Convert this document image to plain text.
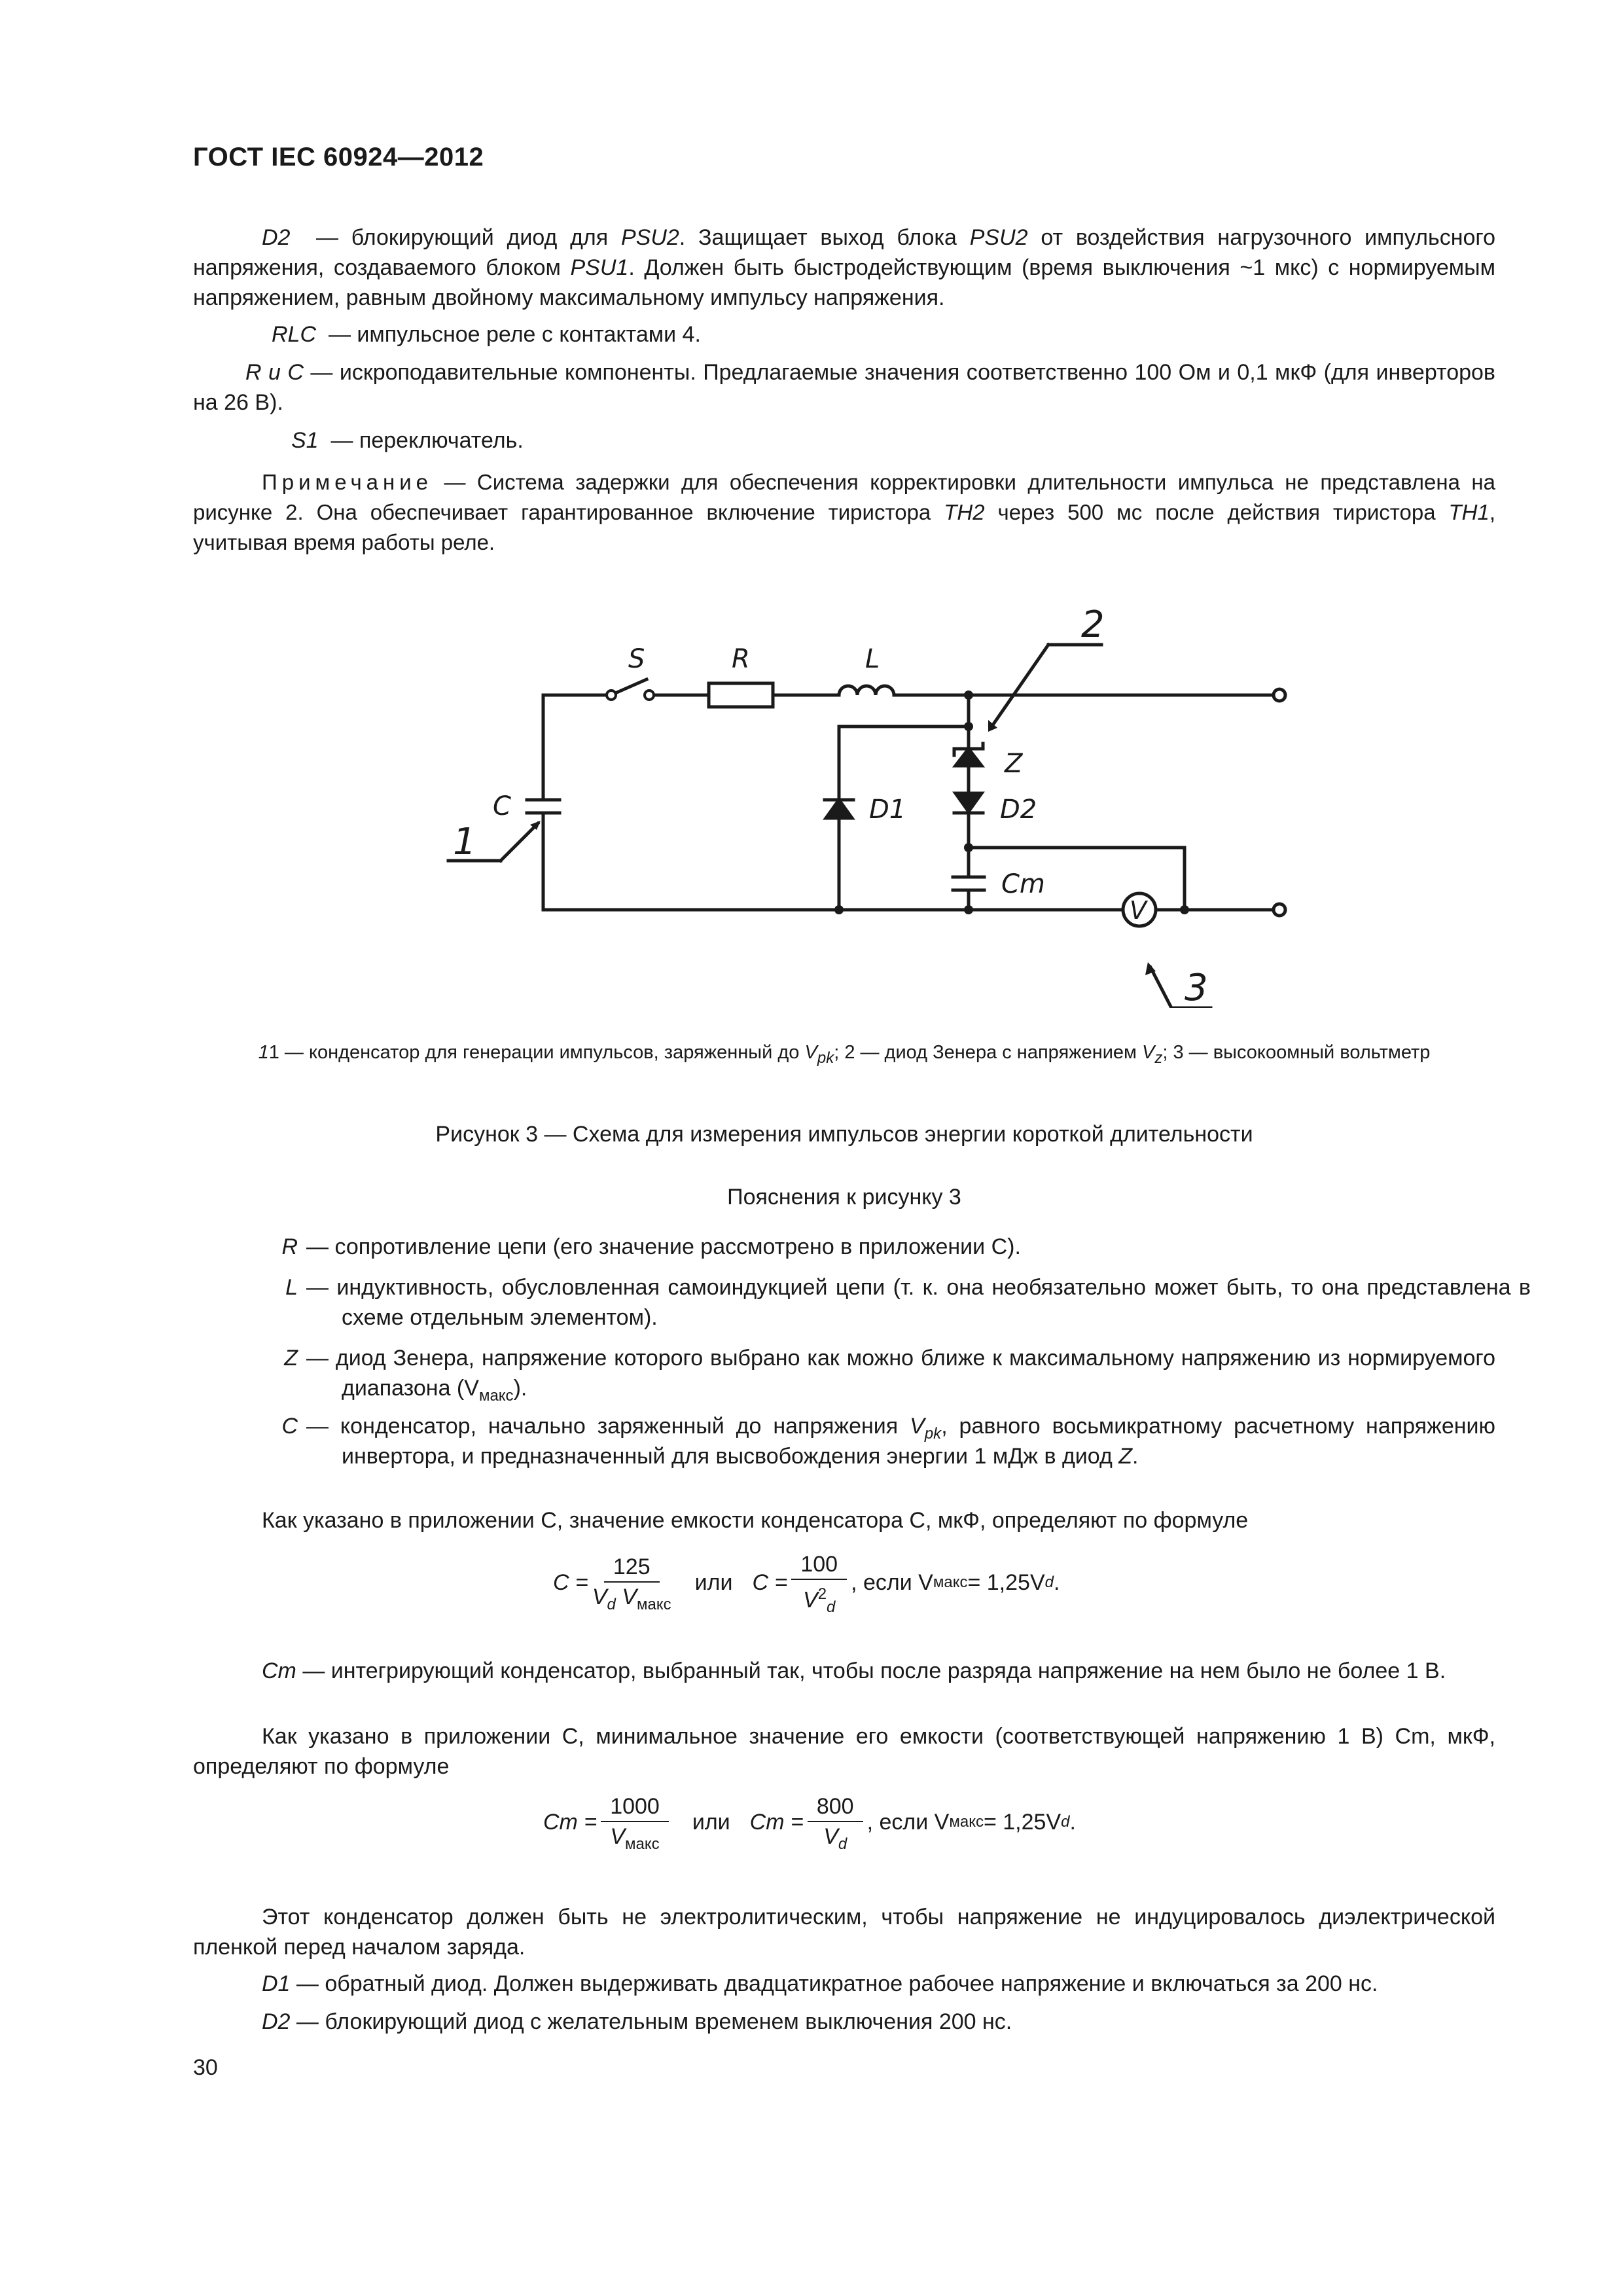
ГОСТ IEC 60924—2012
D2 — блокирующий диод для PSU2. Защищает выход блока PSU2 от воздействия нагрузочного импульсного напряжения, создаваемого блоком PSU1. Должен быть быстродействующим (время выключения ~1 мкс) с нормируемым напряжением, равным двойному максимальному импульсу напряжения.
RLC — импульсное реле с контактами 4.
R и C — искроподавительные компоненты. Предлагаемые значения соответственно 100 Ом и 0,1 мкФ (для инверторов на 26 В).
S1 — переключатель.
Примечание — Система задержки для обеспечения корректировки длительности импульса не представлена на рисунке 2. Она обеспечивает гарантированное включение тиристора TH2 через 500 мс после действия тиристора TH1, учитывая время работы реле.
S	R	L
C	D1
Z
D2
Cm
V
1
2
3
11 — конденсатор для генерации импульсов, заряженный до $V_{pk}$; 2 — диод Зенера с напряжением $V_z$; 3 — высокоомный вольтметр
Рисунок 3 — Схема для измерения импульсов энергии короткой длительности
Пояснения к рисунку 3
R — сопротивление цепи (его значение рассмотрено в приложении С).
L — индуктивность, обусловленная самоиндукцией цепи (т. к. она необязательно может быть, то она представлена в схеме отдельным элементом).
Z — диод Зенера, напряжение которого выбрано как можно ближе к максимальному напряжению из нормируемого диапазона $(V_{макс})$.
C — конденсатор, начально заряженный до напряжения $V_{pk}$, равного восьмикратному расчетному напряжению инвертора, и предназначенный для высвобождения энергии 1 мДж в диод Z.
Как указано в приложении С, значение емкости конденсатора С, мкФ, определяют по формуле
$C = \frac{125}{V_d V_{макс}}$ или $C = \frac{100}{V^2_d}$ , если V макс = 1,25V d .
Cm — интегрирующий конденсатор, выбранный так, чтобы после разряда напряжение на нем было не более 1 В.
Как указано в приложении С, минимальное значение его емкости (соответствующей напряжению 1 В) Cm, мкФ, определяют по формуле
$Cm = \frac{1000}{V_{макс}}$ или $Cm = \frac{800}{V_d}$ , если V макс = 1,25V d .
Этот конденсатор должен быть не электролитическим, чтобы напряжение не индуцировалось диэлектрической пленкой перед началом заряда.
D1 — обратный диод. Должен выдерживать двадцатикратное рабочее напряжение и включаться за 200 нс.
D2 — блокирующий диод с желательным временем выключения 200 нс.
30
